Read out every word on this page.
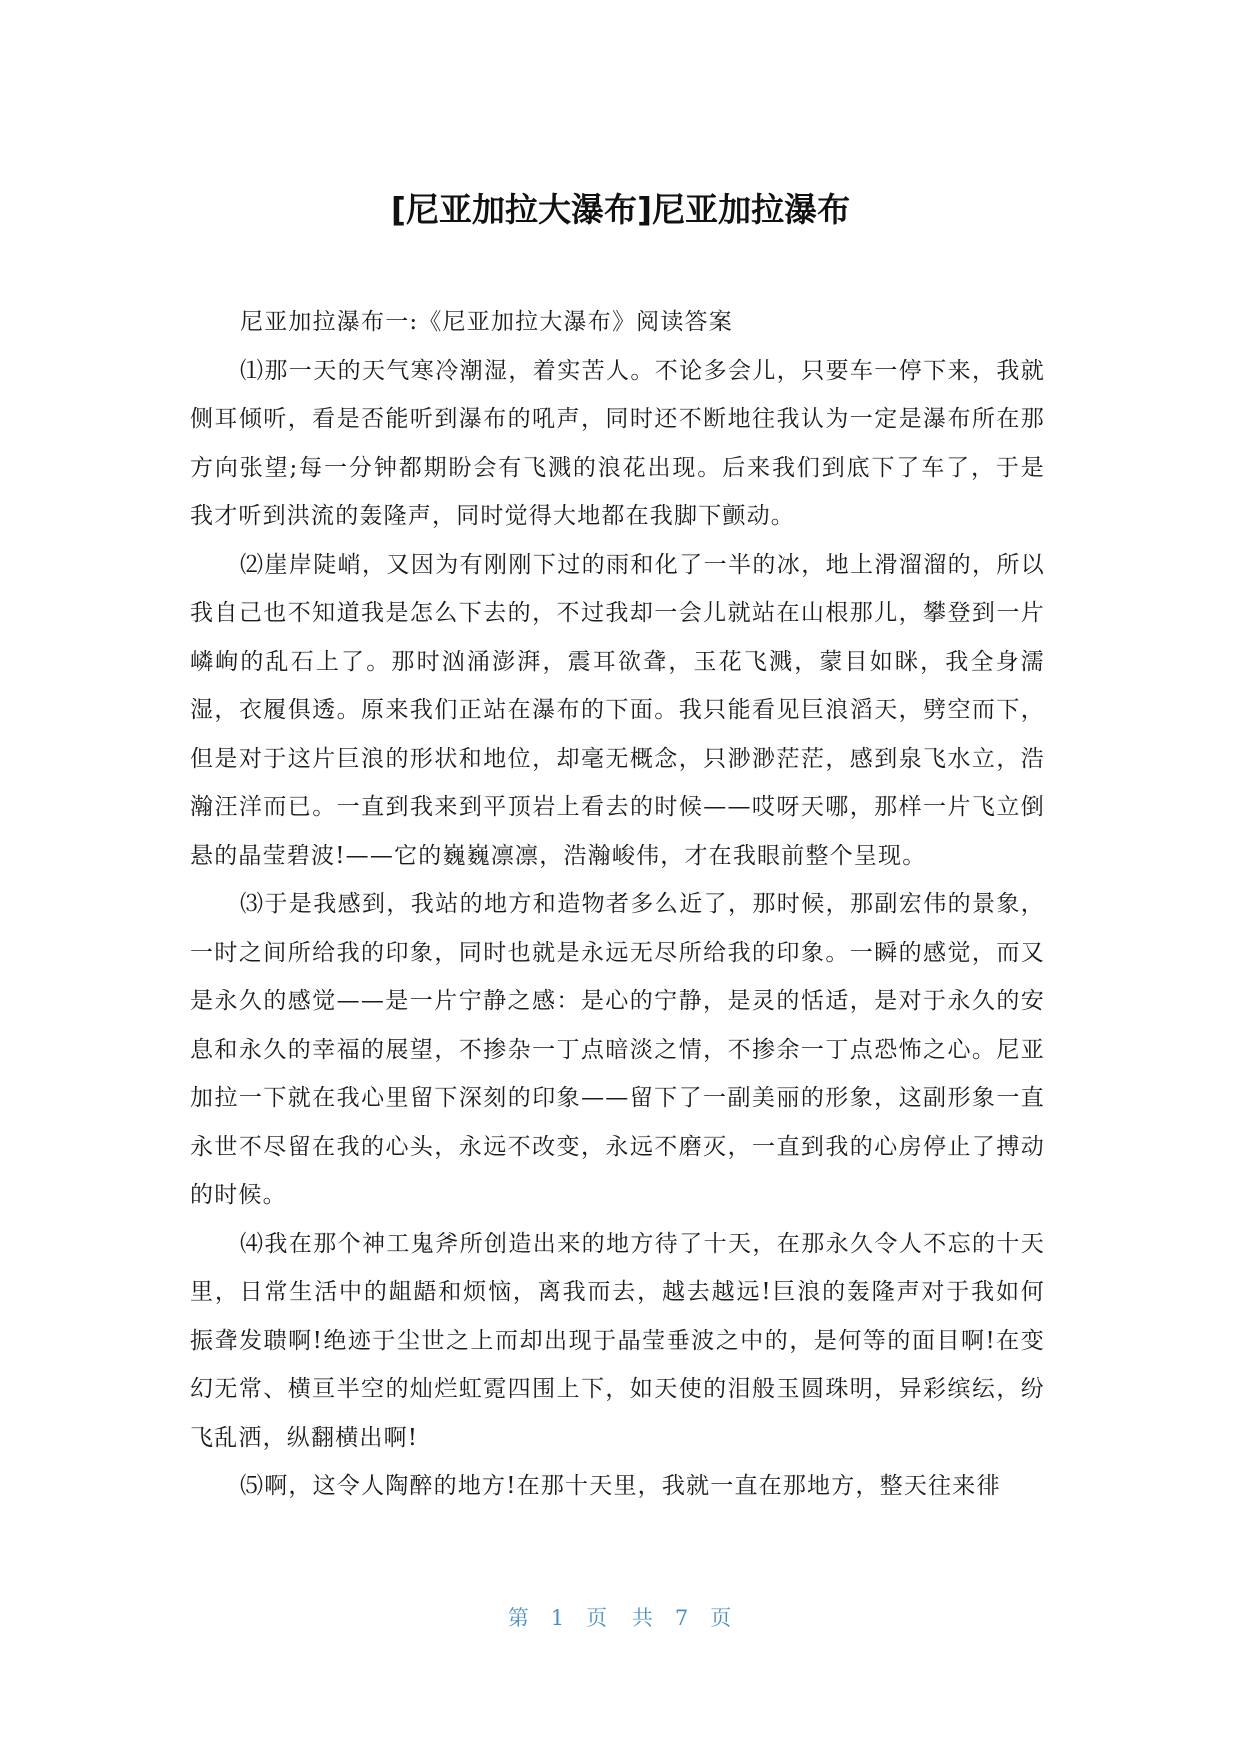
[尼亚加拉大瀑布]尼亚加拉瀑布

尼亚加拉瀑布一:《尼亚加拉大瀑布》阅读答案

⑴那一天的天气寒冷潮湿，着实苦人。不论多会儿，只要车一停下来，我就侧耳倾听，看是否能听到瀑布的吼声，同时还不断地往我认为一定是瀑布所在那方向张望;每一分钟都期盼会有飞溅的浪花出现。后来我们到底下了车了，于是我才听到洪流的轰隆声，同时觉得大地都在我脚下颤动。

⑵崖岸陡峭，又因为有刚刚下过的雨和化了一半的冰，地上滑溜溜的，所以我自己也不知道我是怎么下去的，不过我却一会儿就站在山根那儿，攀登到一片嶙峋的乱石上了。那时汹涌澎湃，震耳欲聋，玉花飞溅，蒙目如眯，我全身濡湿，衣履俱透。原来我们正站在瀑布的下面。我只能看见巨浪滔天，劈空而下，但是对于这片巨浪的形状和地位，却毫无概念，只渺渺茫茫，感到泉飞水立，浩瀚汪洋而已。一直到我来到平顶岩上看去的时候——哎呀天哪，那样一片飞立倒悬的晶莹碧波!——它的巍巍凛凛，浩瀚峻伟，才在我眼前整个呈现。

⑶于是我感到，我站的地方和造物者多么近了，那时候，那副宏伟的景象，一时之间所给我的印象，同时也就是永远无尽所给我的印象。一瞬的感觉，而又是永久的感觉——是一片宁静之感：是心的宁静，是灵的恬适，是对于永久的安息和永久的幸福的展望，不掺杂一丁点暗淡之情，不掺余一丁点恐怖之心。尼亚加拉一下就在我心里留下深刻的印象——留下了一副美丽的形象，这副形象一直永世不尽留在我的心头，永远不改变，永远不磨灭，一直到我的心房停止了搏动的时候。

⑷我在那个神工鬼斧所创造出来的地方待了十天，在那永久令人不忘的十天里，日常生活中的龃龉和烦恼，离我而去，越去越远!巨浪的轰隆声对于我如何振聋发聩啊!绝迹于尘世之上而却出现于晶莹垂波之中的，是何等的面目啊!在变幻无常、横亘半空的灿烂虹霓四围上下，如天使的泪般玉圆珠明，异彩缤纭，纷飞乱洒，纵翻横出啊!

⑸啊，这令人陶醉的地方!在那十天里，我就一直在那地方，整天往来徘

第 1 页 共 7 页
